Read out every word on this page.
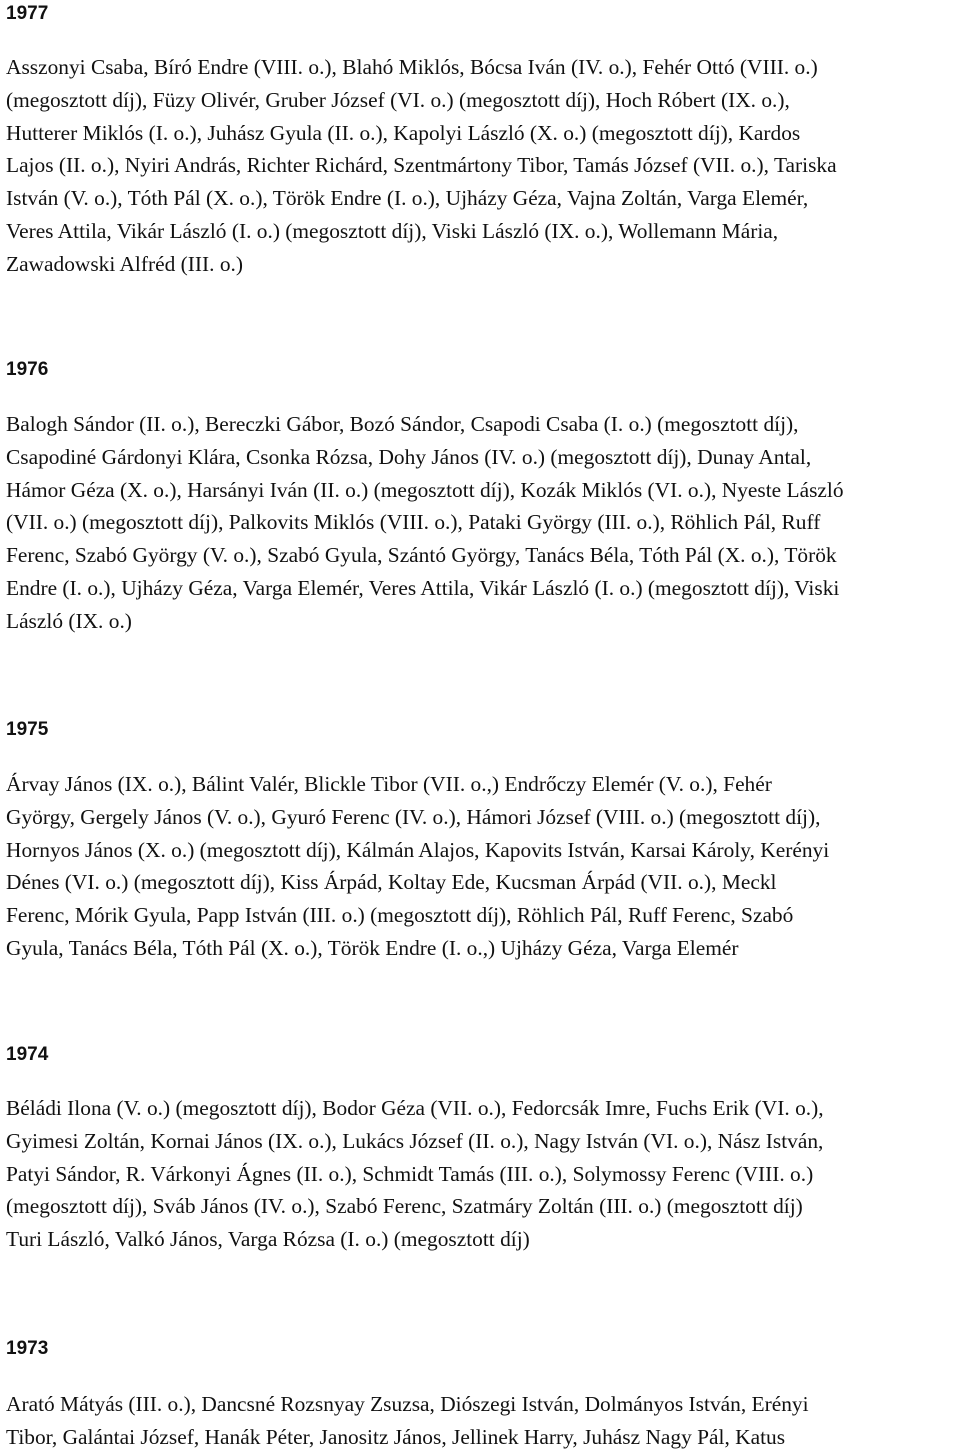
1977

Asszonyi Csaba, Bíró Endre (VIII. o.), Blahó Miklós, Bócsa Iván (IV. o.), Fehér Ottó (VIII. o.)
(megosztott díj), Füzy Olivér, Gruber József (VI. o.) (megosztott díj), Hoch Róbert (IX. o.),
Hutterer Miklós (I. o.), Juhász Gyula (II. o.), Kapolyi László (X. o.) (megosztott díj), Kardos
Lajos (II. o.), Nyiri András, Richter Richárd, Szentmártony Tibor, Tamás József (VII. o.), Tariska
István (V. o.), Tóth Pál (X. o.), Török Endre (I. o.), Ujházy Géza, Vajna Zoltán, Varga Elemér,
Veres Attila, Vikár László (I. o.) (megosztott díj), Viski László (IX. o.), Wollemann Mária,
Zawadowski Alfréd (III. o.)

1976

Balogh Sándor (II. o.), Bereczki Gábor, Bozó Sándor, Csapodi Csaba (I. o.) (megosztott díj),
Csapodiné Gárdonyi Klára, Csonka Rózsa, Dohy János (IV. o.) (megosztott díj), Dunay Antal,
Hámor Géza (X. o.), Harsányi Iván (II. o.) (megosztott díj), Kozák Miklós (VI. o.), Nyeste László
(VII. o.) (megosztott díj), Palkovits Miklós (VIII. o.), Pataki György (III. o.), Röhlich Pál, Ruff
Ferenc, Szabó György (V. o.), Szabó Gyula, Szántó György, Tanács Béla, Tóth Pál (X. o.), Török
Endre (I. o.), Ujházy Géza, Varga Elemér, Veres Attila, Vikár László (I. o.) (megosztott díj), Viski
László (IX. o.)

1975

Árvay János (IX. o.), Bálint Valér, Blickle Tibor (VII. o.,) Endrőczy Elemér (V. o.), Fehér
György, Gergely János (V. o.), Gyuró Ferenc (IV. o.), Hámori József (VIII. o.) (megosztott díj),
Hornyos János (X. o.) (megosztott díj), Kálmán Alajos, Kapovits István, Karsai Károly, Kerényi
Dénes (VI. o.) (megosztott díj), Kiss Árpád, Koltay Ede, Kucsman Árpád (VII. o.), Meckl
Ferenc, Mórik Gyula, Papp István (III. o.) (megosztott díj), Röhlich Pál, Ruff Ferenc, Szabó
Gyula, Tanács Béla, Tóth Pál (X. o.), Török Endre (I. o.,) Ujházy Géza, Varga Elemér

1974

Béládi Ilona (V. o.) (megosztott díj), Bodor Géza (VII. o.), Fedorcsák Imre, Fuchs Erik (VI. o.),
Gyimesi Zoltán, Kornai János (IX. o.), Lukács József (II. o.), Nagy István (VI. o.), Nász István,
Patyi Sándor, R. Várkonyi Ágnes (II. o.), Schmidt Tamás (III. o.), Solymossy Ferenc (VIII. o.)
(megosztott díj), Sváb János (IV. o.), Szabó Ferenc, Szatmáry Zoltán (III. o.) (megosztott díj)
Turi László, Valkó János, Varga Rózsa (I. o.) (megosztott díj)

1973

Arató Mátyás (III. o.), Dancsné Rozsnyay Zsuzsa, Diószegi István, Dolmányos István, Erényi
Tibor, Galántai József, Hanák Péter, Janositz János, Jellinek Harry, Juhász Nagy Pál, Katus
